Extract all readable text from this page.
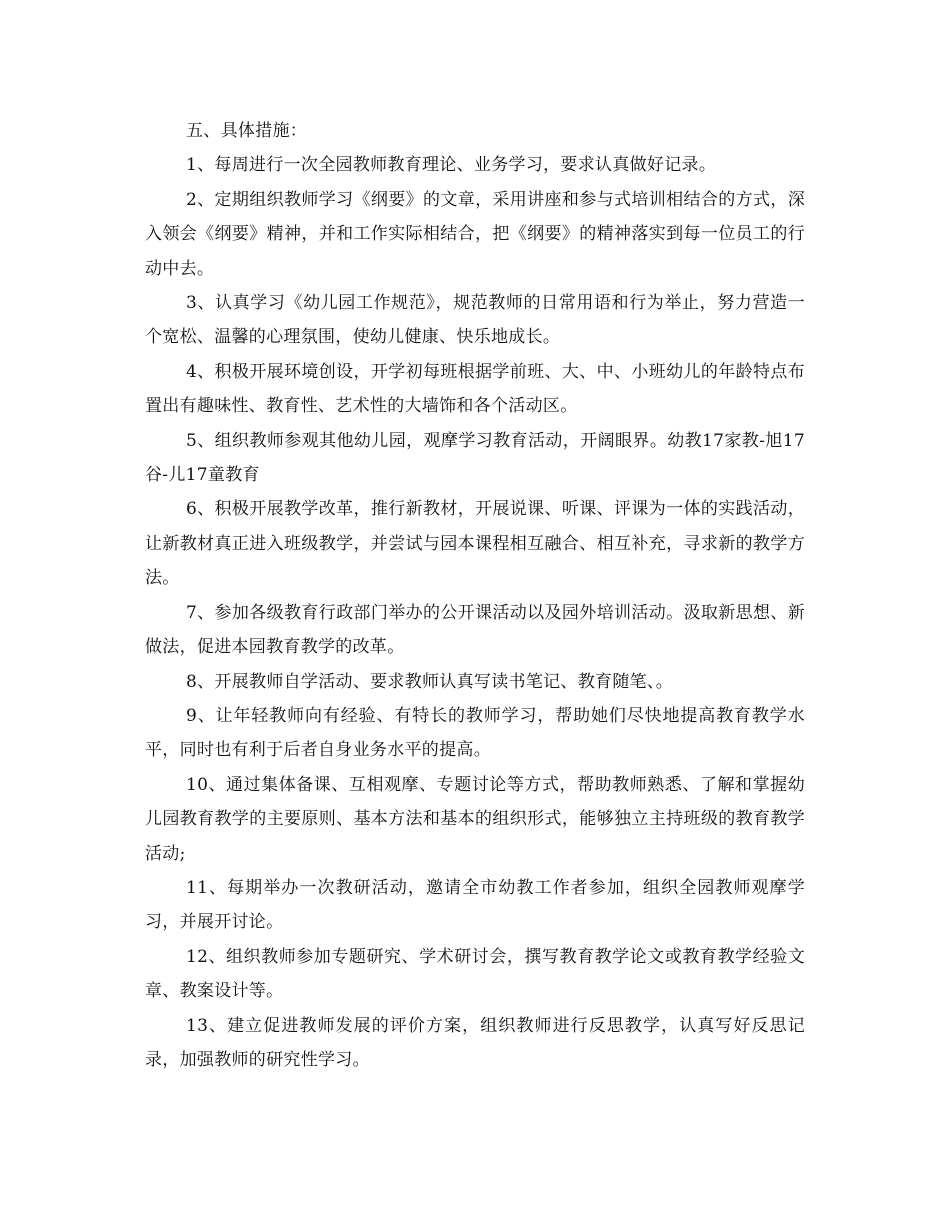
五、具体措施：

1、每周进行一次全园教师教育理论、业务学习，要求认真做好记录。

2、定期组织教师学习《纲要》的文章，采用讲座和参与式培训相结合的方式，深入领会《纲要》精神，并和工作实际相结合，把《纲要》的精神落实到每一位员工的行动中去。

3、认真学习《幼儿园工作规范》，规范教师的日常用语和行为举止，努力营造一个宽松、温馨的心理氛围，使幼儿健康、快乐地成长。

4、积极开展环境创设，开学初每班根据学前班、大、中、小班幼儿的年龄特点布置出有趣味性、教育性、艺术性的大墙饰和各个活动区。

5、组织教师参观其他幼儿园，观摩学习教育活动，开阔眼界。幼教17家教-旭17谷-儿17童教育

6、积极开展教学改革，推行新教材，开展说课、听课、评课为一体的实践活动，让新教材真正进入班级教学，并尝试与园本课程相互融合、相互补充，寻求新的教学方法。

7、参加各级教育行政部门举办的公开课活动以及园外培训活动。汲取新思想、新做法，促进本园教育教学的改革。

8、开展教师自学活动、要求教师认真写读书笔记、教育随笔、。

9、让年轻教师向有经验、有特长的教师学习，帮助她们尽快地提高教育教学水平，同时也有利于后者自身业务水平的提高。

10、通过集体备课、互相观摩、专题讨论等方式，帮助教师熟悉、了解和掌握幼儿园教育教学的主要原则、基本方法和基本的组织形式，能够独立主持班级的教育教学活动;

11、每期举办一次教研活动，邀请全市幼教工作者参加，组织全园教师观摩学习，并展开讨论。

12、组织教师参加专题研究、学术研讨会，撰写教育教学论文或教育教学经验文章、教案设计等。

13、建立促进教师发展的评价方案，组织教师进行反思教学，认真写好反思记录，加强教师的研究性学习。
